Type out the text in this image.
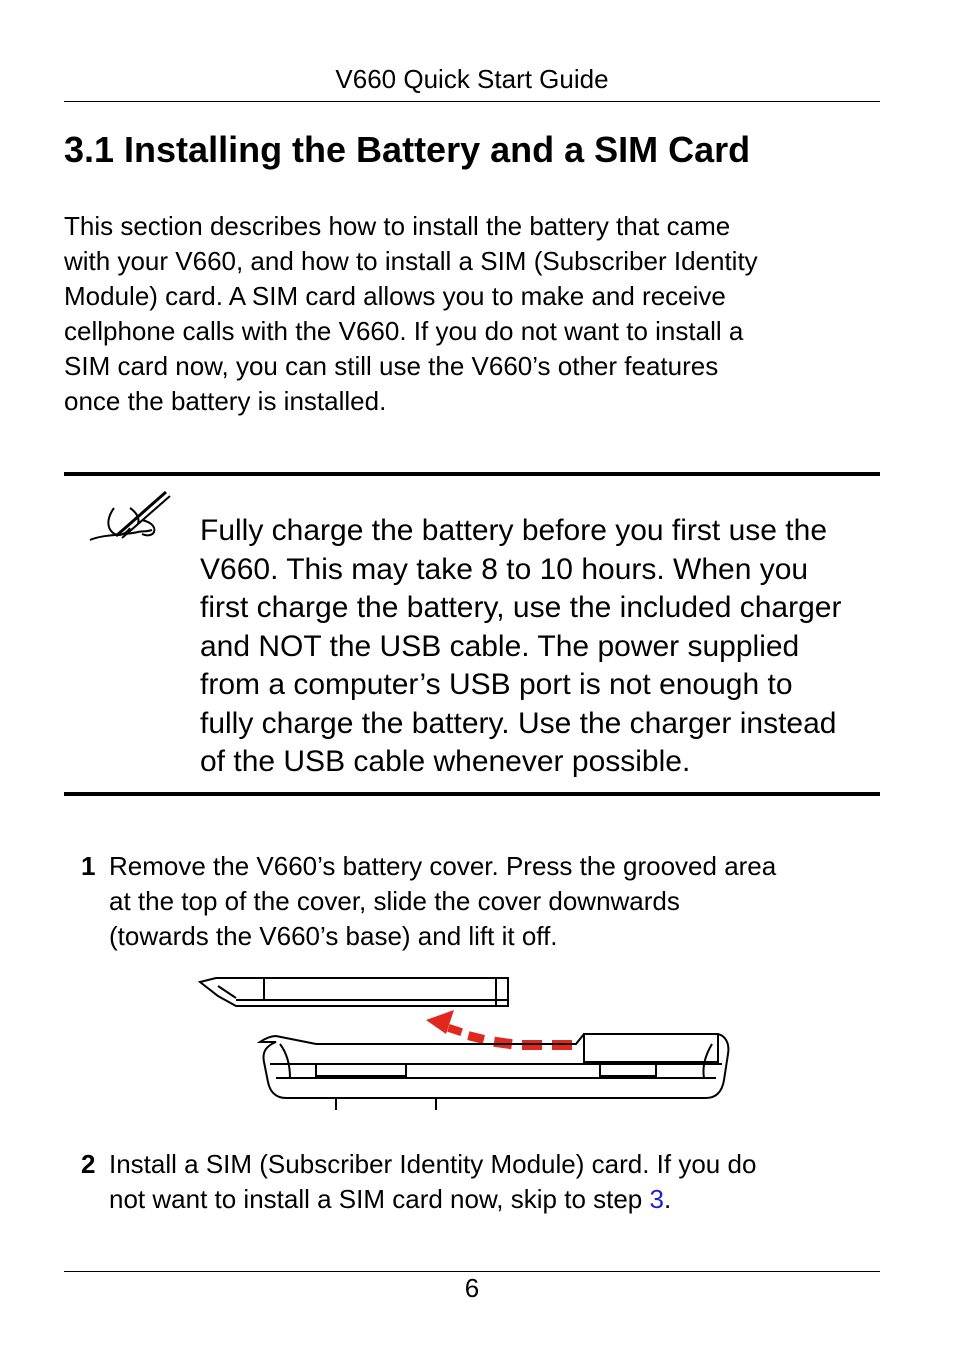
V660 Quick Start Guide
3.1 Installing the Battery and a SIM Card

This section describes how to install the battery that came
with your V660, and how to install a SIM (Subscriber Identity
Module) card. A SIM card allows you to make and receive
cellphone calls with the V660. If you do not want to install a
SIM card now, you can still use the V660’s other features
once the battery is installed.

Fully charge the battery before you first use the
V660. This may take 8 to 10 hours. When you
first charge the battery, use the included charger
and NOT the USB cable. The power supplied
from a computer’s USB port is not enough to
fully charge the battery. Use the charger instead
of the USB cable whenever possible.

1 Remove the V660’s battery cover. Press the grooved area
at the top of the cover, slide the cover downwards
(towards the V660’s base) and lift it off.

2 Install a SIM (Subscriber Identity Module) card. If you do
not want to install a SIM card now, skip to step 3.

6
